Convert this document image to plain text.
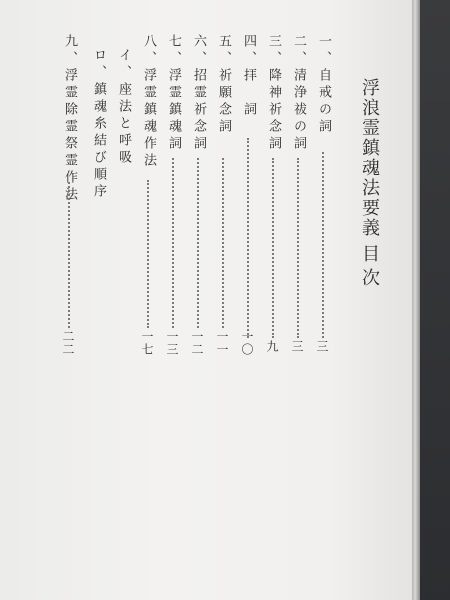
浮浪霊鎮魂法要義
目次
一、自戒の詞
三
二、清浄祓の詞
三
三、降神祈念詞
九
四、拝　詞
一〇
五、祈願念詞
一一
六、招霊祈念詞
一二
七、浮霊鎮魂詞
一三
八、浮霊鎮魂作法
一七
イ、座法と呼吸
ロ、鎮魂糸結び順序
九、浮霊除霊祭霊作法
二二
